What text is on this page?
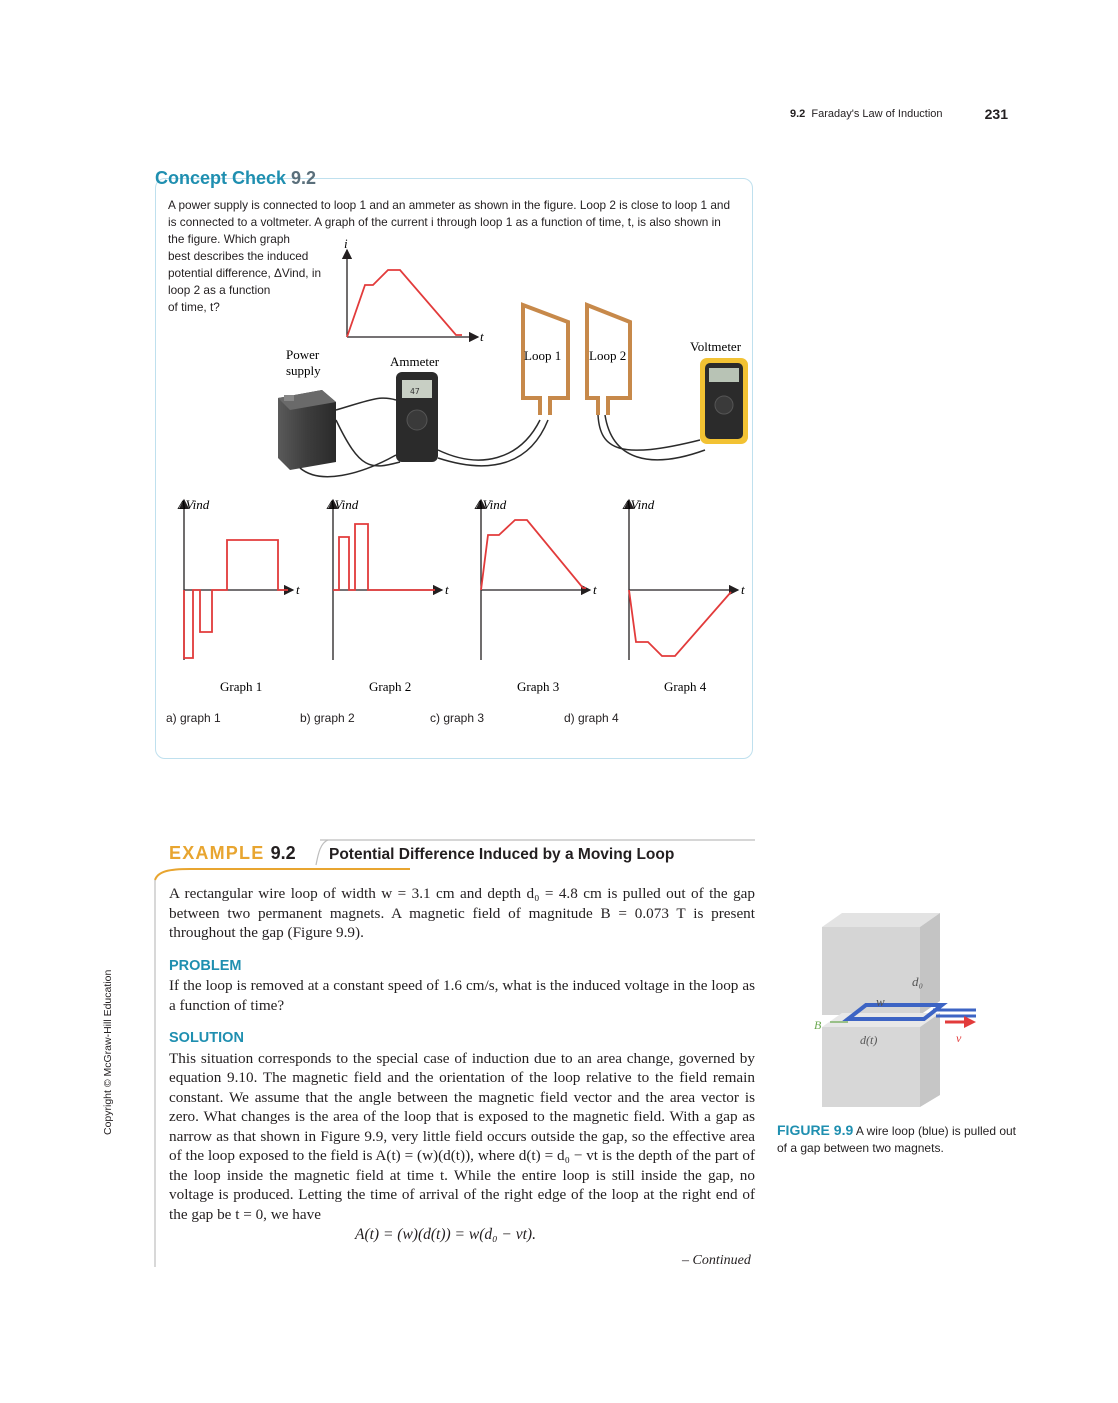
9.2 Faraday's Law of Induction	231
Concept Check 9.2

A power supply is connected to loop 1 and an ammeter as shown in the figure. Loop 2 is close to loop 1 and

is connected to a voltmeter. A graph of the current i through loop 1 as a function of time, t, is also shown in

the figure. Which graph

best describes the induced

potential difference, ΔVind, in

loop 2 as a function

of time, t?

i
t
Power
supply
Ammeter
47
Loop 1 Loop 2
Voltmeter
ΔVind
t
Graph 1
ΔVind
t
Graph 2
ΔVind
t
Graph 3
ΔVind
t
Graph 4
a) graph 1	b) graph 2	c) graph 3	d) graph 4
EXAMPLE 9.2 Potential Difference Induced by a Moving Loop

A rectangular wire loop of width w = 3.1 cm and depth d₀ = 4.8 cm is pulled out of the gap between two permanent magnets. A magnetic field of magnitude B = 0.073 T is present throughout the gap (Figure 9.9).

PROBLEM

If the loop is removed at a constant speed of 1.6 cm/s, what is the induced voltage in the loop as a function of time?

SOLUTION

This situation corresponds to the special case of induction due to an area change, governed by equation 9.10. The magnetic field and the orientation of the loop relative to the field remain constant. We assume that the angle between the magnetic field vector and the area vector is zero. What changes is the area of the loop that is exposed to the magnetic field. With a gap as narrow as that shown in Figure 9.9, very little field occurs outside the gap, so the effective area of the loop exposed to the field is A(t) = (w)(d(t)), where d(t) = d₀ − vt is the depth of the part of the loop inside the magnetic field at time t. While the entire loop is still inside the gap, no voltage is produced. Letting the time of arrival of the right edge of the loop at the right end of the gap be t = 0, we have

A(t) = (w)(d(t)) = w(d₀ − vt).
– Continued
Copyright © McGraw-Hill Education	d₀
w
B
d(t)	v
FIGURE 9.9 A wire loop (blue) is pulled out of a gap between two magnets.
